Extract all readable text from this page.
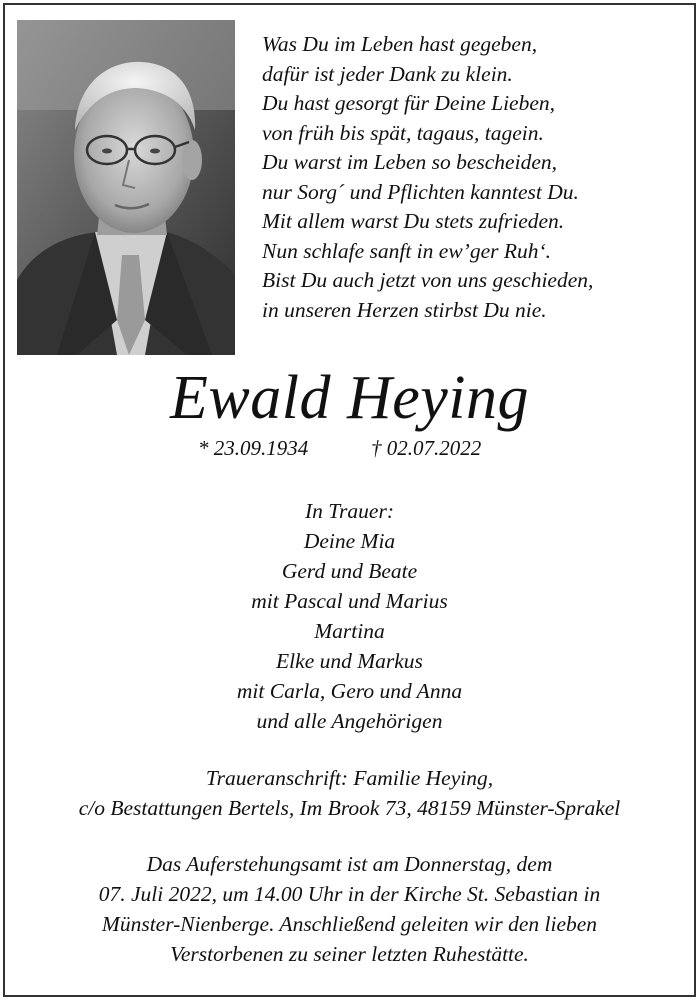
Was Du im Leben hast gegeben,
dafür ist jeder Dank zu klein.
Du hast gesorgt für Deine Lieben,
von früh bis spät, tagaus, tagein.
Du warst im Leben so bescheiden,
nur Sorg´ und Pflichten kanntest Du.
Mit allem warst Du stets zufrieden.
Nun schlafe sanft in ew’ger Ruh‘.
Bist Du auch jetzt von uns geschieden,
in unseren Herzen stirbst Du nie.
Ewald Heying
* 23.09.1934	† 02.07.2022
In Trauer:
Deine Mia
Gerd und Beate
mit Pascal und Marius
Martina
Elke und Markus
mit Carla, Gero und Anna
und alle Angehörigen
Traueranschrift: Familie Heying,
c/o Bestattungen Bertels, Im Brook 73, 48159 Münster-Sprakel
Das Auferstehungsamt ist am Donnerstag, dem
07. Juli 2022, um 14.00 Uhr in der Kirche St. Sebastian in
Münster-Nienberge. Anschließend geleiten wir den lieben
Verstorbenen zu seiner letzten Ruhestätte.
